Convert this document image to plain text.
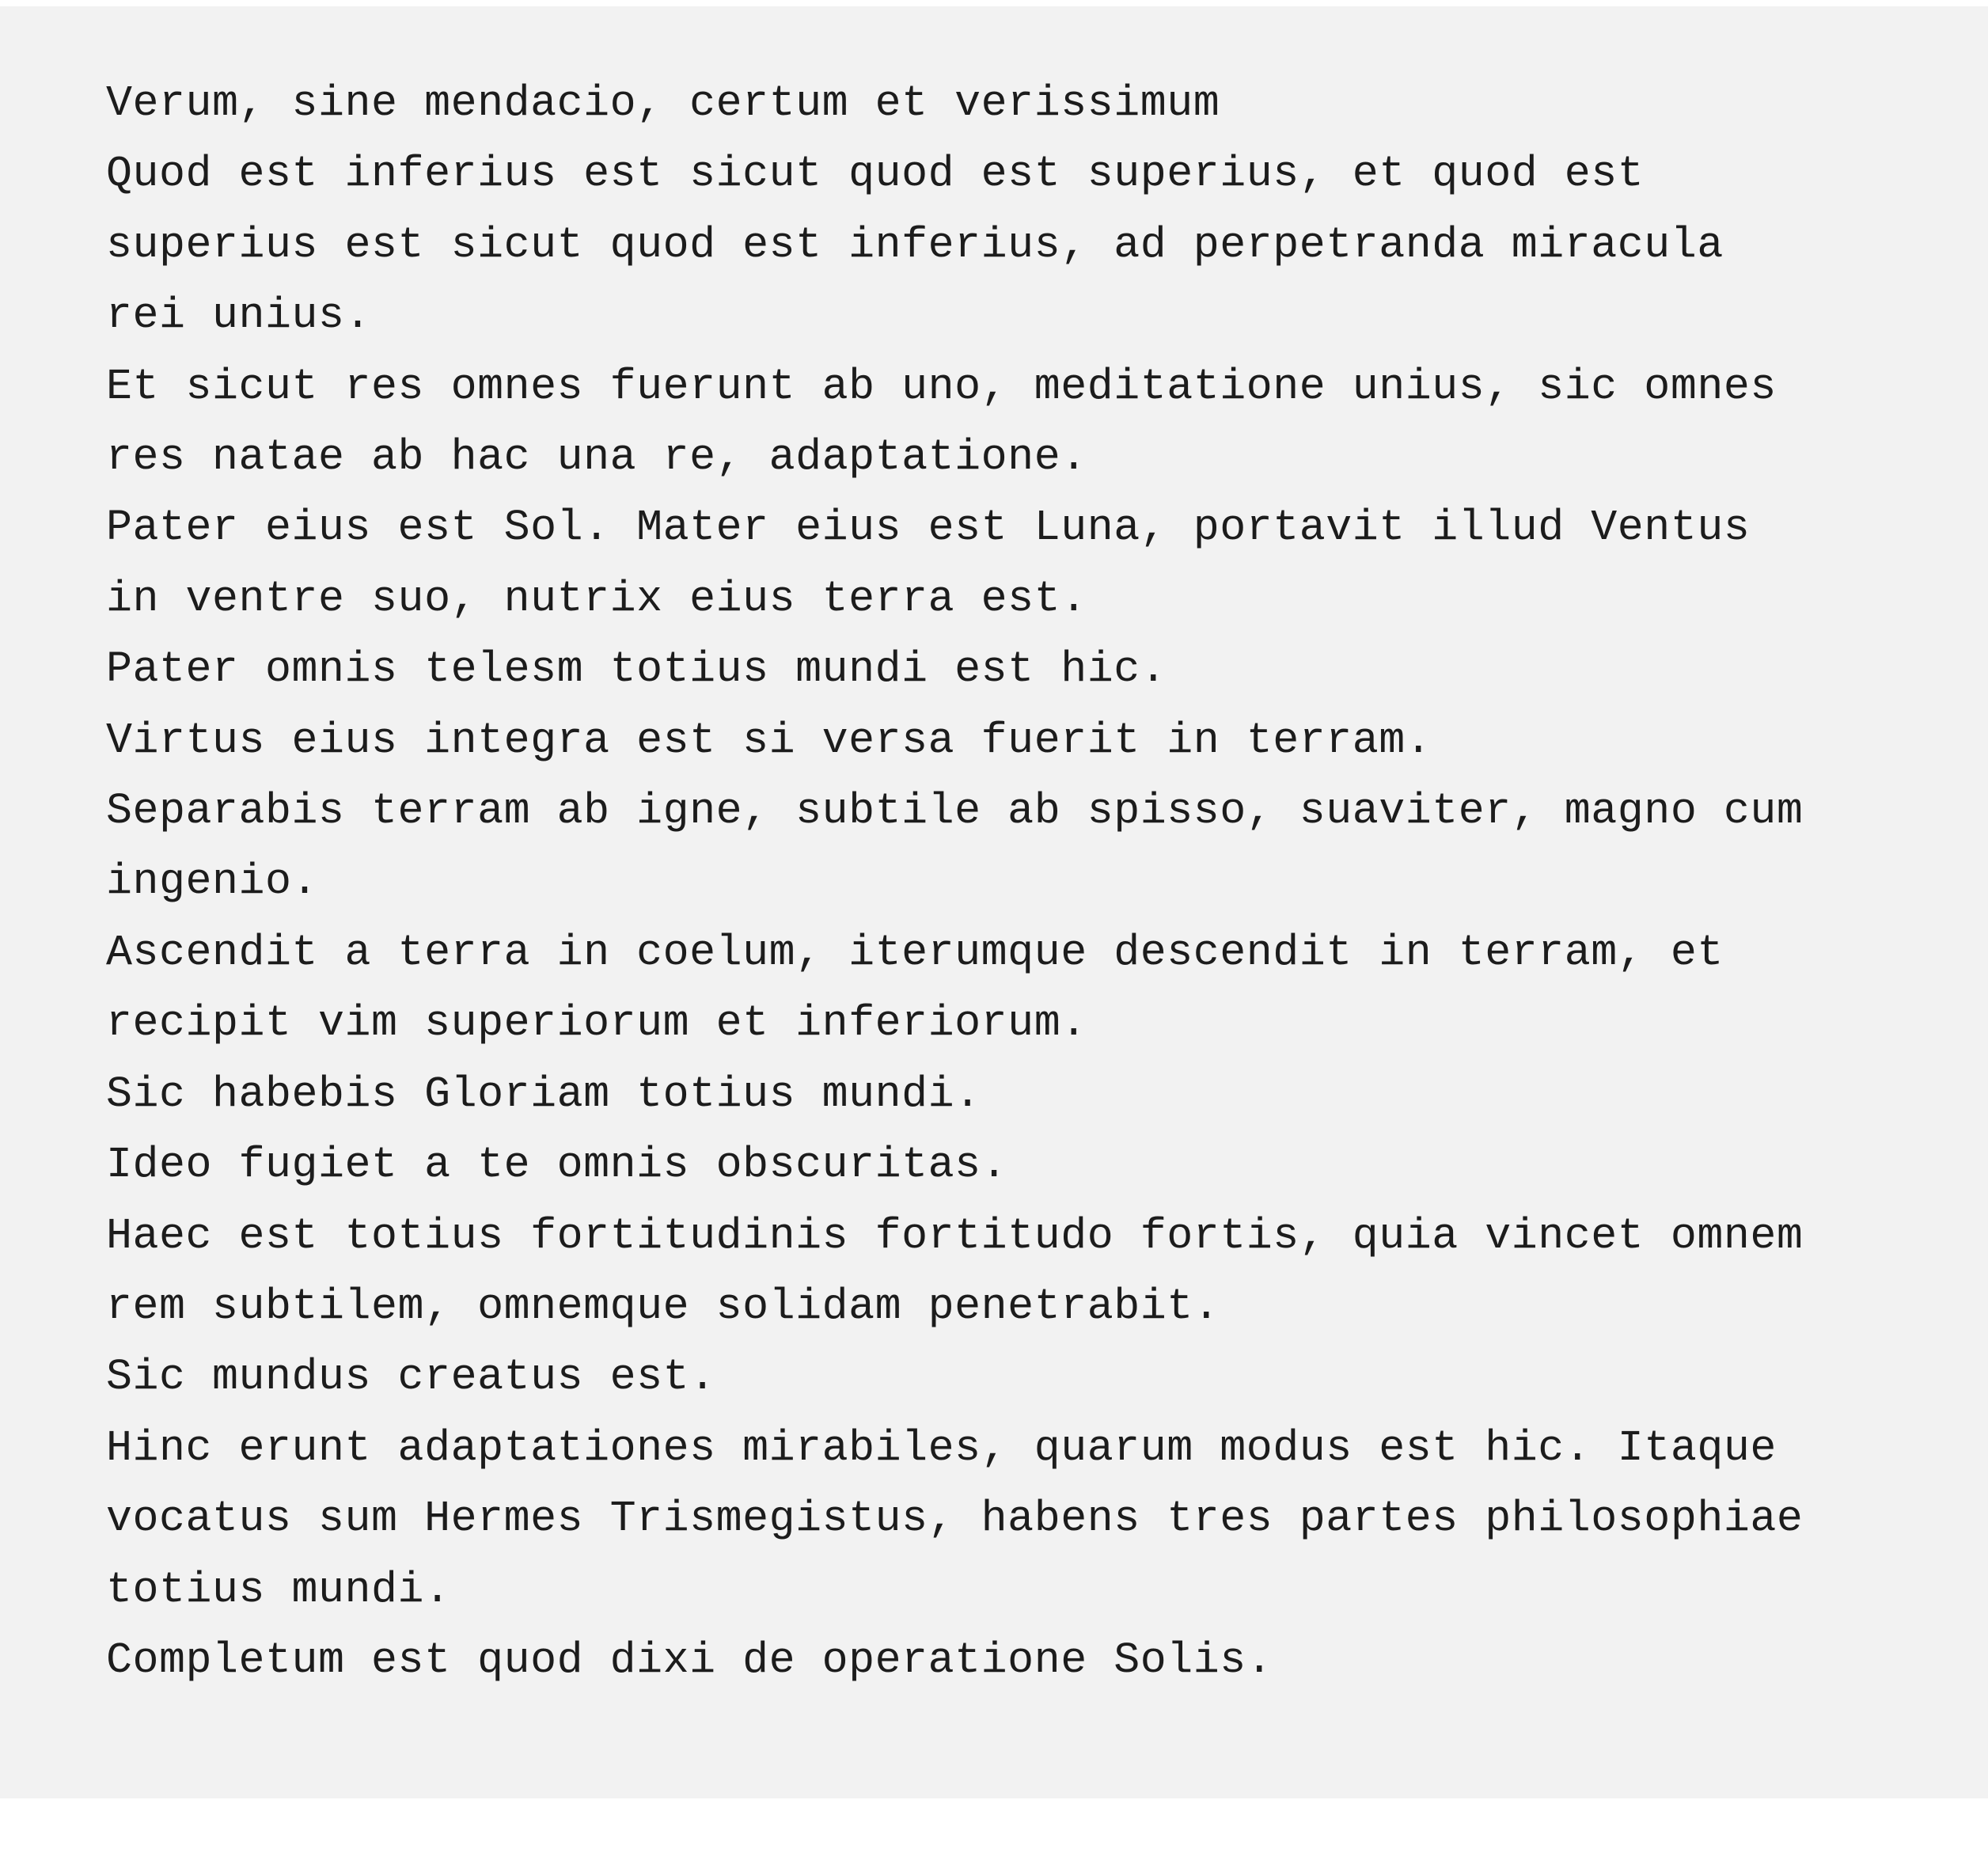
Verum, sine mendacio, certum et verissimum

Quod est inferius est sicut quod est superius, et quod est

superius est sicut quod est inferius, ad perpetranda miracula

rei unius.

Et sicut res omnes fuerunt ab uno, meditatione unius, sic omnes

res natae ab hac una re, adaptatione.

Pater eius est Sol. Mater eius est Luna, portavit illud Ventus

in ventre suo, nutrix eius terra est.

Pater omnis telesm totius mundi est hic.

Virtus eius integra est si versa fuerit in terram.

Separabis terram ab igne, subtile ab spisso, suaviter, magno cum

ingenio.

Ascendit a terra in coelum, iterumque descendit in terram, et

recipit vim superiorum et inferiorum.

Sic habebis Gloriam totius mundi.

Ideo fugiet a te omnis obscuritas.

Haec est totius fortitudinis fortitudo fortis, quia vincet omnem

rem subtilem, omnemque solidam penetrabit.

Sic mundus creatus est.

Hinc erunt adaptationes mirabiles, quarum modus est hic. Itaque

vocatus sum Hermes Trismegistus, habens tres partes philosophiae

totius mundi.

Completum est quod dixi de operatione Solis.
